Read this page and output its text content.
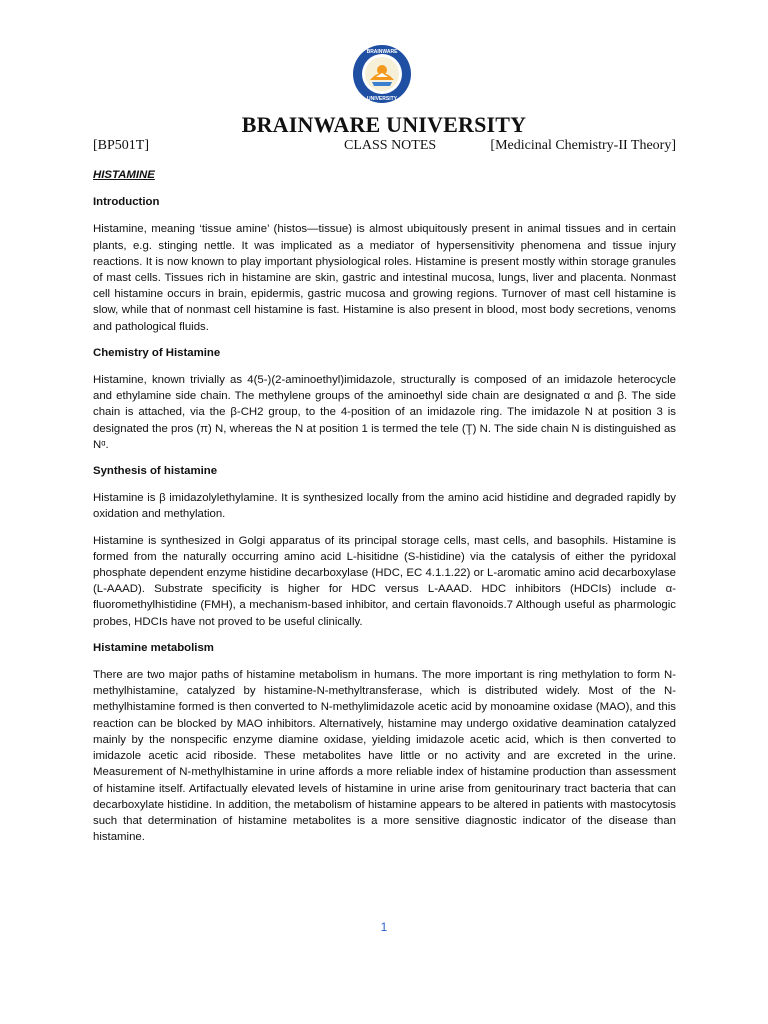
BRAINWARE
UNIVERSITY
BRAINWARE UNIVERSITY
[BP501T]	CLASS NOTES	[Medicinal Chemistry-II Theory]

HISTAMINE

Introduction

Histamine, meaning ‘tissue amine’ (histos—tissue) is almost ubiquitously present in animal tissues and in certain plants, e.g. stinging nettle. It was implicated as a mediator of hypersensitivity phenomena and tissue injury reactions. It is now known to play important physiological roles. Histamine is present mostly within storage granules of mast cells. Tissues rich in histamine are skin, gastric and intestinal mucosa, lungs, liver and placenta. Nonmast cell histamine occurs in brain, epidermis, gastric mucosa and growing regions. Turnover of mast cell histamine is slow, while that of nonmast cell histamine is fast. Histamine is also present in blood, most body secretions, venoms and pathological fluids.

Chemistry of Histamine

Histamine, known trivially as 4(5-)(2-aminoethyl)imidazole, structurally is composed of an imidazole heterocycle and ethylamine side chain. The methylene groups of the aminoethyl side chain are designated α and β. The side chain is attached, via the β-CH2 group, to the 4-position of an imidazole ring. The imidazole N at position 3 is designated the pros (π) N, whereas the N at position 1 is termed the tele (Ţ) N. The side chain N is distinguished as Nᵅ.

Synthesis of histamine

Histamine is β imidazolylethylamine. It is synthesized locally from the amino acid histidine and degraded rapidly by oxidation and methylation.

Histamine is synthesized in Golgi apparatus of its principal storage cells, mast cells, and basophils. Histamine is formed from the naturally occurring amino acid L-hisitidne (S-histidine) via the catalysis of either the pyridoxal phosphate dependent enzyme histidine decarboxylase (HDC, EC 4.1.1.22) or L-aromatic amino acid decarboxylase (L-AAAD). Substrate specificity is higher for HDC versus L-AAAD. HDC inhibitors (HDCIs) include α-fluoromethylhistidine (FMH), a mechanism-based inhibitor, and certain flavonoids.7 Although useful as pharmologic probes, HDCIs have not proved to be useful clinically.

Histamine metabolism

There are two major paths of histamine metabolism in humans. The more important is ring methylation to form N-methylhistamine, catalyzed by histamine-N-methyltransferase, which is distributed widely. Most of the N-methylhistamine formed is then converted to N-methylimidazole acetic acid by monoamine oxidase (MAO), and this reaction can be blocked by MAO inhibitors. Alternatively, histamine may undergo oxidative deamination catalyzed mainly by the nonspecific enzyme diamine oxidase, yielding imidazole acetic acid, which is then converted to imidazole acetic acid riboside. These metabolites have little or no activity and are excreted in the urine. Measurement of N-methylhistamine in urine affords a more reliable index of histamine production than assessment of histamine itself. Artifactually elevated levels of histamine in urine arise from genitourinary tract bacteria that can decarboxylate histidine. In addition, the metabolism of histamine appears to be altered in patients with mastocytosis such that determination of histamine metabolites is a more sensitive diagnostic indicator of the disease than histamine.

1
